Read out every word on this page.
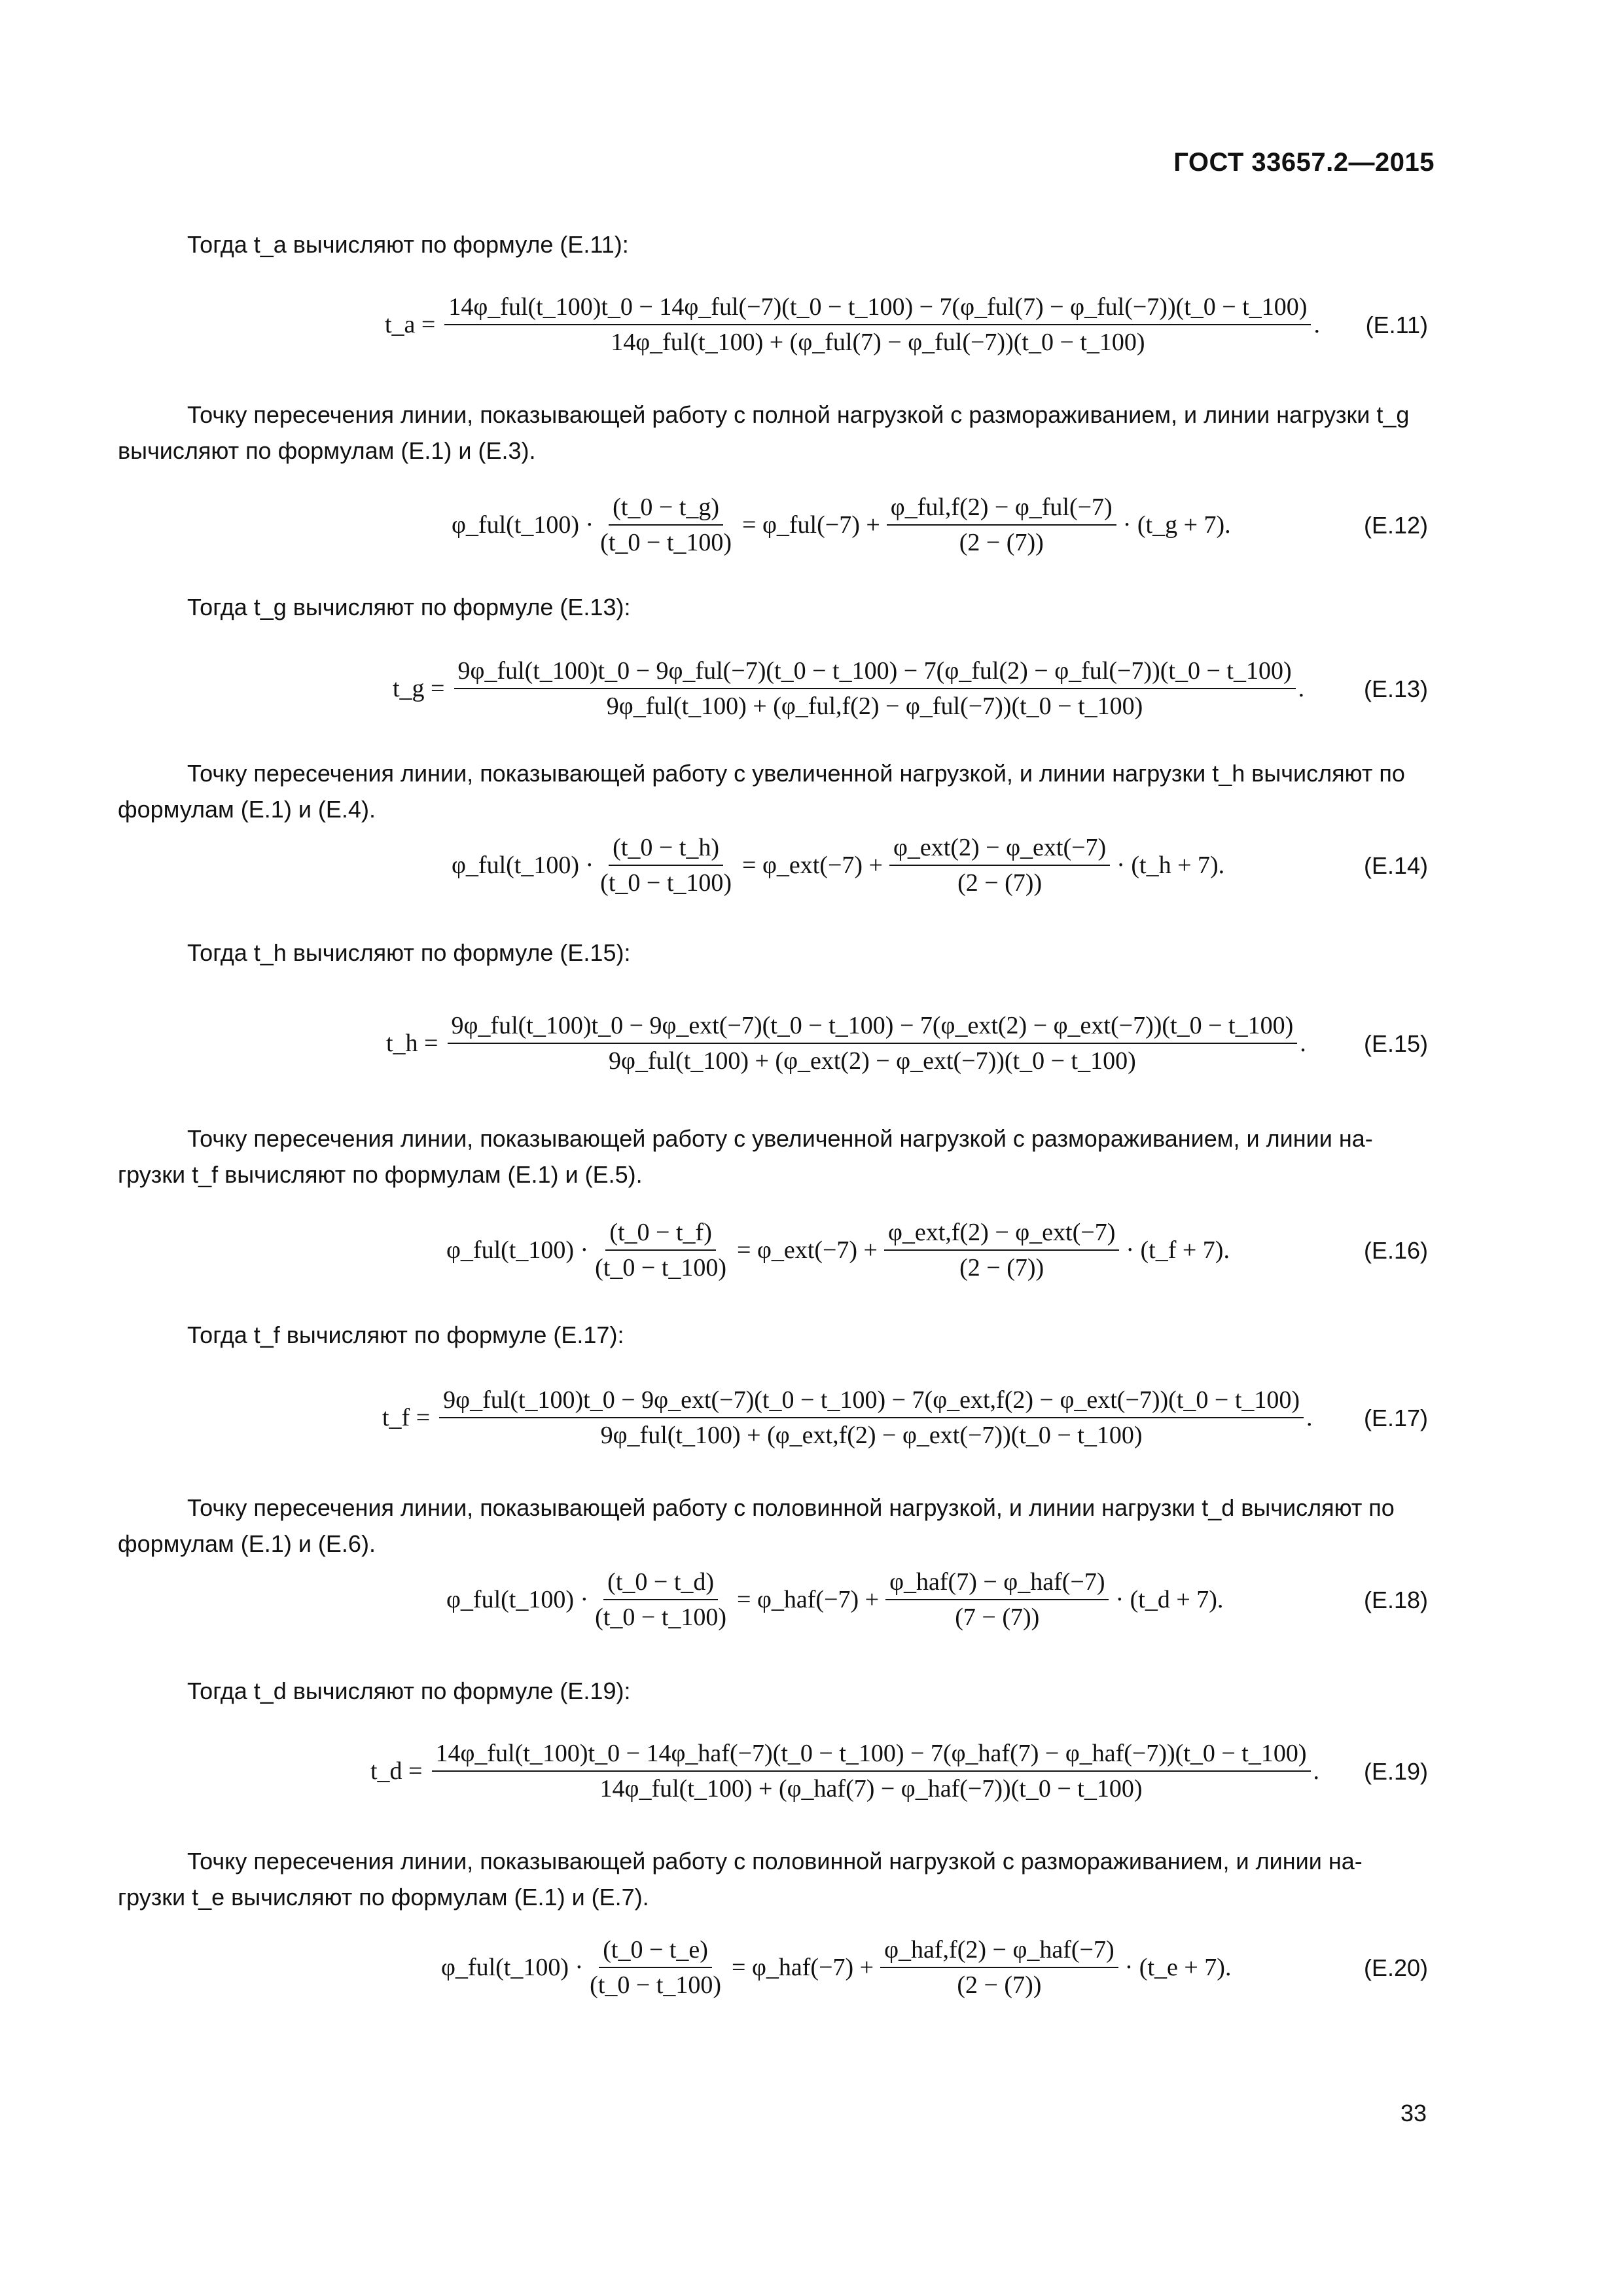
ГОСТ 33657.2—2015
Тогда t_a вычисляют по формуле (Е.11):
t_a =
14φ_ful(t_100)t_0 − 14φ_ful(−7)(t_0 − t_100) − 7(φ_ful(7) − φ_ful(−7))(t_0 − t_100)
14φ_ful(t_100) + (φ_ful(7) − φ_ful(−7))(t_0 − t_100)
. (Е.11)
Точку пересечения линии, показывающей работу с полной нагрузкой с размораживанием, и линии нагрузки t_g
вычисляют по формулам (Е.1) и (Е.3).
φ_ful(t_100) · $\frac{(t\_0 - t\_g)}{(t\_0 - t\_100)}$ = φ_ful(−7) + $\frac{\text{φ\_ful,f(2) − φ\_ful(−7)}}{(2 - (7))}$ · (t_g + 7).	(Е.12)
Тогда t_g вычисляют по формуле (Е.13):
t_g =
9φ_ful(t_100)t_0 − 9φ_ful(−7)(t_0 − t_100) − 7(φ_ful(2) − φ_ful(−7))(t_0 − t_100)
9φ_ful(t_100) + (φ_ful,f(2) − φ_ful(−7))(t_0 − t_100)
.	(Е.13)
Точку пересечения линии, показывающей работу с увеличенной нагрузкой, и линии нагрузки t_h вычисляют по
формулам (Е.1) и (Е.4).
φ_ful(t_100) · $\frac{(t\_0 - t\_h)}{(t\_0 - t\_100)}$ = φ_ext(−7) + $\frac{\text{φ\_ext(2) − φ\_ext(−7)}}{(2 - (7))}$ · (t_h + 7).	(Е.14)
Тогда t_h вычисляют по формуле (Е.15):
t_h =
9φ_ful(t_100)t_0 − 9φ_ext(−7)(t_0 − t_100) − 7(φ_ext(2) − φ_ext(−7))(t_0 − t_100)
9φ_ful(t_100) + (φ_ext(2) − φ_ext(−7))(t_0 − t_100)
. (Е.15)
Точку пересечения линии, показывающей работу с увеличенной нагрузкой с размораживанием, и линии на-
грузки t_f вычисляют по формулам (Е.1) и (Е.5).
φ_ful(t_100) · $\frac{(t\_0 - t\_f)}{(t\_0 - t\_100)}$ = φ_ext(−7) + $\frac{\text{φ\_ext,f(2) − φ\_ext(−7)}}{(2 - (7))}$ · (t_f + 7).	(Е.16)
Тогда t_f вычисляют по формуле (Е.17):
t_f =
9φ_ful(t_100)t_0 − 9φ_ext(−7)(t_0 − t_100) − 7(φ_ext,f(2) − φ_ext(−7))(t_0 − t_100)
9φ_ful(t_100) + (φ_ext,f(2) − φ_ext(−7))(t_0 − t_100)
. (Е.17)
Точку пересечения линии, показывающей работу с половинной нагрузкой, и линии нагрузки t_d вычисляют по
формулам (Е.1) и (Е.6).
φ_ful(t_100) · $\frac{(t\_0 - t\_d)}{(t\_0 - t\_100)}$ = φ_haf(−7) + $\frac{\text{φ\_haf(7) − φ\_haf(−7)}}{(7 - (7))}$ · (t_d + 7).	(Е.18)
Тогда t_d вычисляют по формуле (Е.19):
t_d =
14φ_ful(t_100)t_0 − 14φ_haf(−7)(t_0 − t_100) − 7(φ_haf(7) − φ_haf(−7))(t_0 − t_100)
14φ_ful(t_100) + (φ_haf(7) − φ_haf(−7))(t_0 − t_100)
. (Е.19)
Точку пересечения линии, показывающей работу с половинной нагрузкой с размораживанием, и линии на-
грузки t_e вычисляют по формулам (Е.1) и (Е.7).
φ_ful(t_100) · $\frac{(t\_0 - t\_e)}{(t\_0 - t\_100)}$ = φ_haf(−7) + $\frac{\text{φ\_haf,f(2) − φ\_haf(−7)}}{(2 - (7))}$ · (t_e + 7).	(Е.20)
33
